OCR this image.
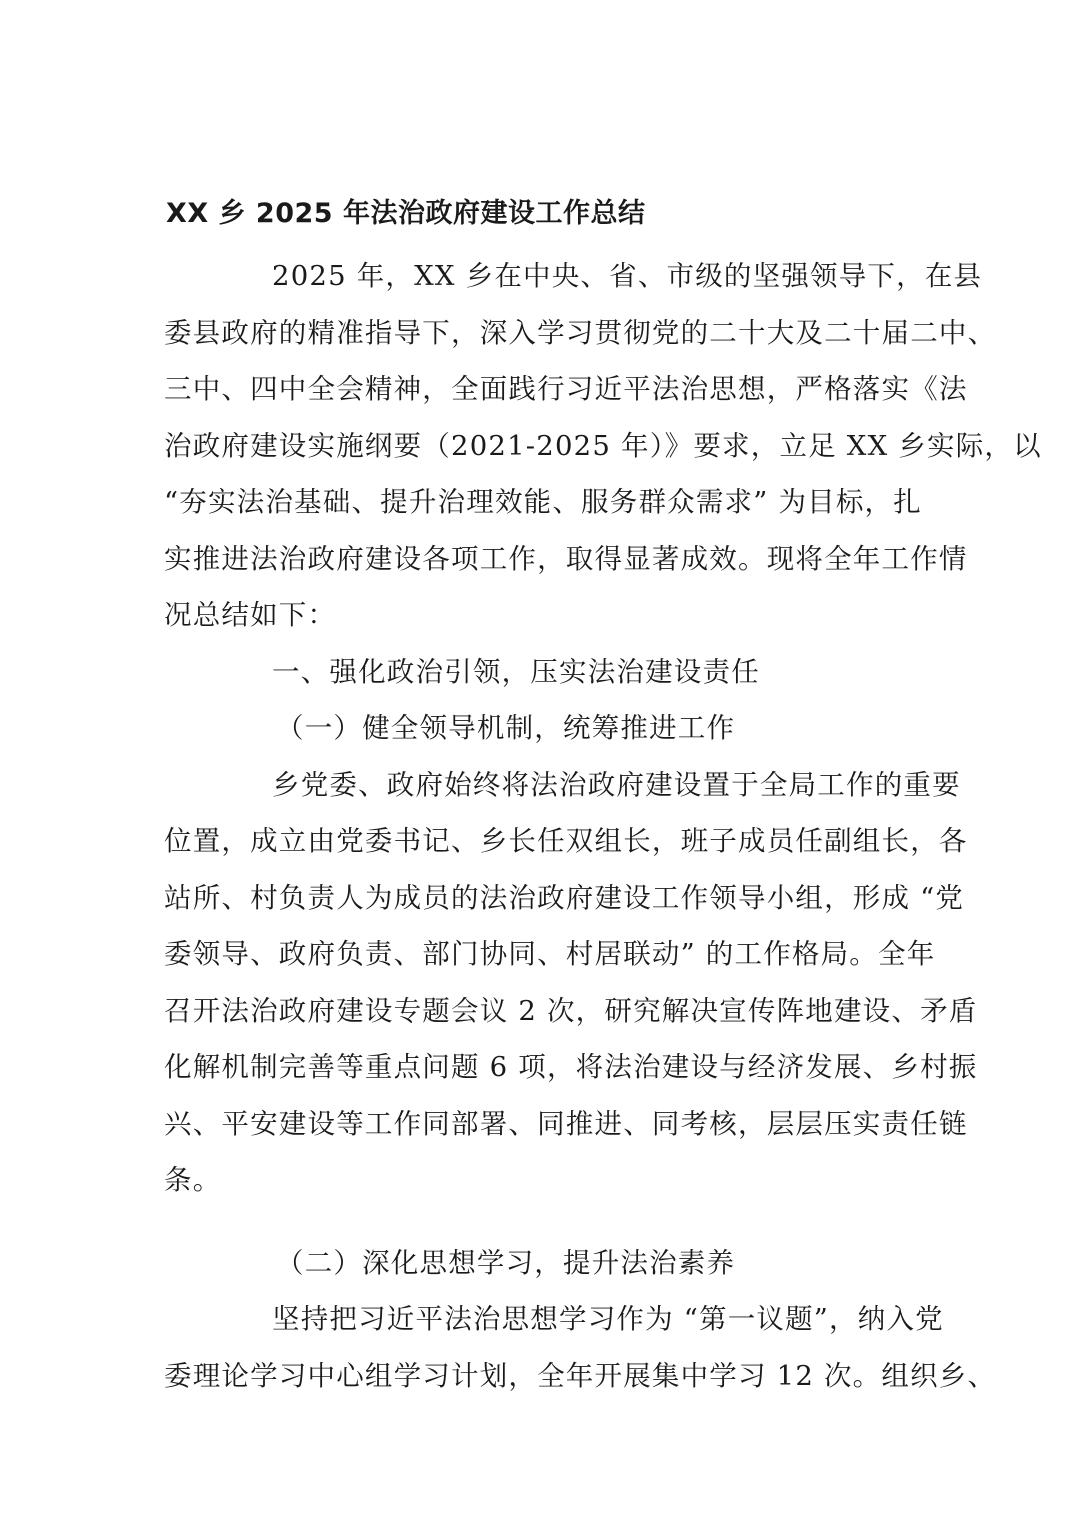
XX 乡 2025 年法治政府建设工作总结
2025 年，XX 乡在中央、省、市级的坚强领导下，在县
委县政府的精准指导下，深入学习贯彻党的二十大及二十届二中、
三中、四中全会精神，全面践行习近平法治思想，严格落实《法
治政府建设实施纲要（2021-2025 年）》要求，立足 XX 乡实际，以
“夯实法治基础、提升治理效能、服务群众需求” 为目标，扎
实推进法治政府建设各项工作，取得显著成效。现将全年工作情
况总结如下：
一、强化政治引领，压实法治建设责任
（一）健全领导机制，统筹推进工作
乡党委、政府始终将法治政府建设置于全局工作的重要
位置，成立由党委书记、乡长任双组长，班子成员任副组长，各
站所、村负责人为成员的法治政府建设工作领导小组，形成 “党
委领导、政府负责、部门协同、村居联动” 的工作格局。全年
召开法治政府建设专题会议 2 次，研究解决宣传阵地建设、矛盾
化解机制完善等重点问题 6 项，将法治建设与经济发展、乡村振
兴、平安建设等工作同部署、同推进、同考核，层层压实责任链
条。
（二）深化思想学习，提升法治素养
坚持把习近平法治思想学习作为 “第一议题”，纳入党
委理论学习中心组学习计划，全年开展集中学习 12 次。组织乡、
